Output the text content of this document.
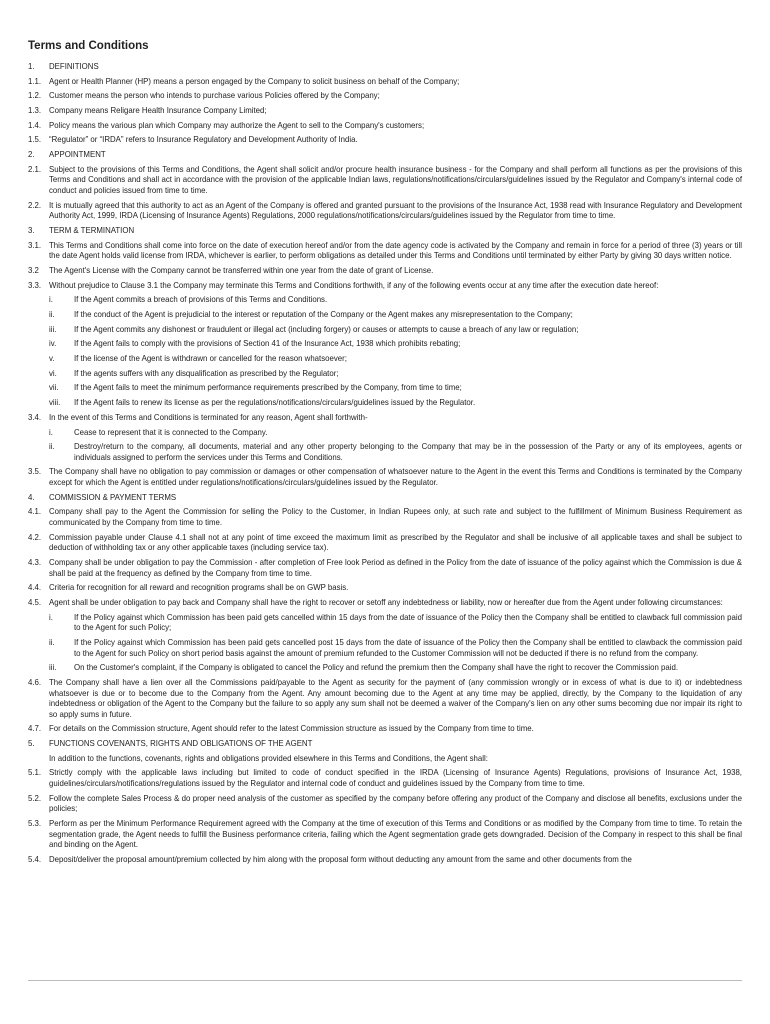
Terms and Conditions
1.	DEFINITIONS
1.1.	Agent or Health Planner (HP) means a person engaged by the Company to solicit business on behalf of the Company;
1.2.	Customer means the person who intends to purchase various Policies offered by the Company;
1.3.	Company means Religare Health Insurance Company Limited;
1.4.	Policy means the various plan which Company may authorize the Agent to sell to the Company's customers;
1.5.	“Regulator” or “IRDA” refers to Insurance Regulatory and Development Authority of India.
2.	APPOINTMENT
2.1.	Subject to the provisions of this Terms and Conditions, the Agent shall solicit and/or procure health insurance business - for the Company and shall perform all functions as per the provisions of this Terms and Conditions and shall act in accordance with the provision of the applicable Indian laws, regulations/notifications/circulars/guidelines issued by the Regulator and Company's internal code of conduct and policies issued from time to time.
2.2.	It is mutually agreed that this authority to act as an Agent of the Company is offered and granted pursuant to the provisions of the Insurance Act, 1938 read with Insurance Regulatory and Development Authority Act, 1999, IRDA (Licensing of Insurance Agents) Regulations, 2000 regulations/notifications/circulars/guidelines issued by the Regulator from time to time.
3.	TERM & TERMINATION
3.1.	This Terms and Conditions shall come into force on the date of execution hereof and/or from the date agency code is activated by the Company and remain in force for a period of three (3) years or till the date Agent holds valid license from IRDA, whichever is earlier, to perform obligations as detailed under this Terms and Conditions until terminated by either Party by giving 30 days written notice.
3.2	The Agent's License with the Company cannot be transferred within one year from the date of grant of License.
3.3.	Without prejudice to Clause 3.1 the Company may terminate this Terms and Conditions forthwith, if any of the following events occur at any time after the execution date hereof:
i.	If the Agent commits a breach of provisions of this Terms and Conditions.
ii.	If the conduct of the Agent is prejudicial to the interest or reputation of the Company or the Agent makes any misrepresentation to the Company;
iii.	If the Agent commits any dishonest or fraudulent or illegal act (including forgery) or causes or attempts to cause a breach of any law or regulation;
iv.	If the Agent fails to comply with the provisions of Section 41 of the Insurance Act, 1938 which prohibits rebating;
v.	If the license of the Agent is withdrawn or cancelled for the reason whatsoever;
vi.	If the agents suffers with any disqualification as prescribed by the Regulator;
vii.	If the Agent fails to meet the minimum performance requirements prescribed by the Company, from time to time;
viii.	If the Agent fails to renew its license as per the regulations/notifications/circulars/guidelines issued by the Regulator.
3.4.	In the event of this Terms and Conditions is terminated for any reason, Agent shall forthwith-
i.	Cease to represent that it is connected to the Company.
ii.	Destroy/return to the company, all documents, material and any other property belonging to the Company that may be in the possession of the Party or any of its employees, agents or individuals assigned to perform the services under this Terms and Conditions.
3.5.	The Company shall have no obligation to pay commission or damages or other compensation of whatsoever nature to the Agent in the event this Terms and Conditions is terminated by the Company except for which the Agent is entitled under regulations/notifications/circulars/guidelines issued by the Regulator.
4.	COMMISSION & PAYMENT TERMS
4.1.	Company shall pay to the Agent the Commission for selling the Policy to the Customer, in Indian Rupees only, at such rate and subject to the fulfillment of Minimum Business Requirement as communicated by the Company from time to time.
4.2.	Commission payable under Clause 4.1 shall not at any point of time exceed the maximum limit as prescribed by the Regulator and shall be inclusive of all applicable taxes and shall be subject to deduction of withholding tax or any other applicable taxes (including service tax).
4.3.	Company shall be under obligation to pay the Commission - after completion of Free look Period as defined in the Policy from the date of issuance of the policy against which the Commission is due & shall be paid at the frequency as defined by the Company from time to time.
4.4.	Criteria for recognition for all reward and recognition programs shall be on GWP basis.
4.5.	Agent shall be under obligation to pay back and Company shall have the right to recover or setoff any indebtedness or liability, now or hereafter due from the Agent under following circumstances:
i.	If the Policy against which Commission has been paid gets cancelled within 15 days from the date of issuance of the Policy then the Company shall be entitled to clawback full commission paid to the Agent for such Policy;
ii.	If the Policy against which Commission has been paid gets cancelled post 15 days from the date of issuance of the Policy then the Company shall be entitled to clawback the commission paid to the Agent for such Policy on short period basis against the amount of premium refunded to the Customer Commission will not be deducted if there is no refund from the company.
iii.	On the Customer's complaint, if the Company is obligated to cancel the Policy and refund the premium then the Company shall have the right to recover the Commission paid.
4.6.	The Company shall have a lien over all the Commissions paid/payable to the Agent as security for the payment of (any commission wrongly or in excess of what is due to it) or indebtedness whatsoever is due or to become due to the Company from the Agent. Any amount becoming due to the Agent at any time may be applied, directly, by the Company to the liquidation of any indebtedness or obligation of the Agent to the Company but the failure to so apply any sum shall not be deemed a waiver of the Company's lien on any other sums becoming due nor impair its right to so apply sums in future.
4.7.	For details on the Commission structure, Agent should refer to the latest Commission structure as issued by the Company from time to time.
5.	FUNCTIONS COVENANTS, RIGHTS AND OBLIGATIONS OF THE AGENT
In addition to the functions, covenants, rights and obligations provided elsewhere in this Terms and Conditions, the Agent shall:
5.1.	Strictly comply with the applicable laws including but limited to code of conduct specified in the IRDA (Licensing of Insurance Agents) Regulations, provisions of Insurance Act, 1938, guidelines/circulars/notifications/regulations issued by the Regulator and internal code of conduct and guidelines issued by the Company from time to time.
5.2.	Follow the complete Sales Process & do proper need analysis of the customer as specified by the company before offering any product of the Company and disclose all benefits, exclusions under the policies;
5.3.	Perform as per the Minimum Performance Requirement agreed with the Company at the time of execution of this Terms and Conditions or as modified by the Company from time to time. To retain the segmentation grade, the Agent needs to fulfill the Business performance criteria, failing which the Agent segmentation grade gets downgraded. Decision of the Company in respect to this shall be final and binding on the Agent.
5.4.	Deposit/deliver the proposal amount/premium collected by him along with the proposal form without deducting any amount from the same and other documents from the
